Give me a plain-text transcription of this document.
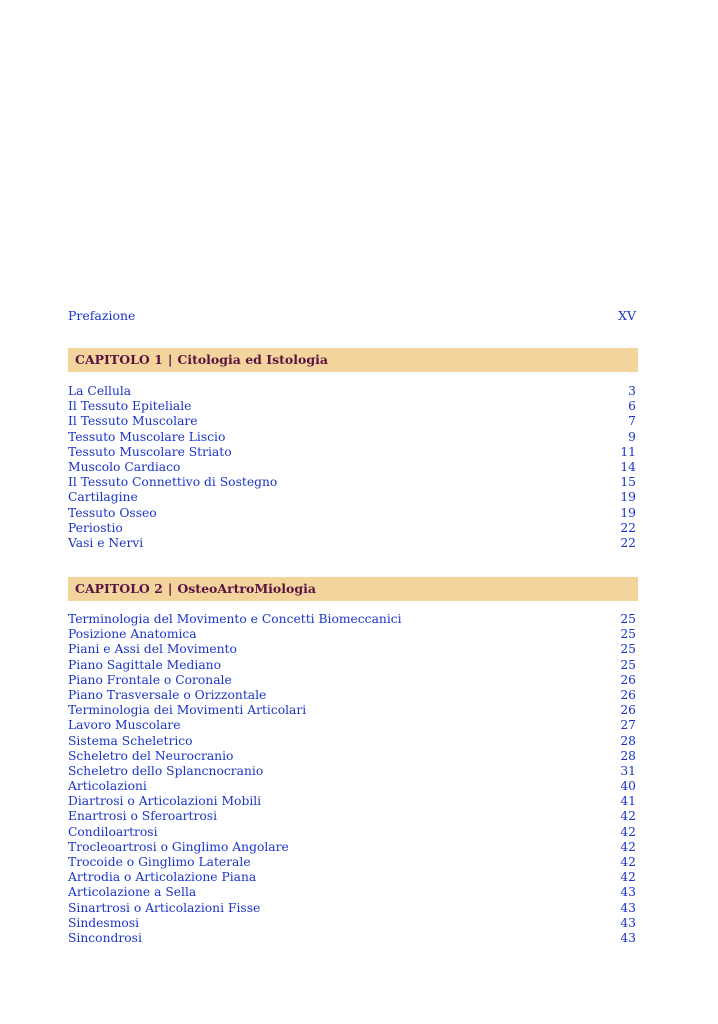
Prefazione	XV
CAPITOLO 1 | Citologia ed Istologia
La Cellula	3
Il Tessuto Epiteliale	6
Il Tessuto Muscolare	7
Tessuto Muscolare Liscio	9
Tessuto Muscolare Striato	11
Muscolo Cardiaco	14
Il Tessuto Connettivo di Sostegno	15
Cartilagine	19
Tessuto Osseo	19
Periostio	22
Vasi e Nervi	22
CAPITOLO 2 | OsteoArtroMiologia
Terminologia del Movimento e Concetti Biomeccanici	25
Posizione Anatomica	25
Piani e Assi del Movimento	25
Piano Sagittale Mediano	25
Piano Frontale o Coronale	26
Piano Trasversale o Orizzontale	26
Terminologia dei Movimenti Articolari	26
Lavoro Muscolare	27
Sistema Scheletrico	28
Scheletro del Neurocranio	28
Scheletro dello Splancnocranio	31
Articolazioni	40
Diartrosi o Articolazioni Mobili	41
Enartrosi o Sferoartrosi	42
Condiloartrosi	42
Trocleoartrosi o Ginglimo Angolare	42
Trocoide o Ginglimo Laterale	42
Artrodia o Articolazione Piana	42
Articolazione a Sella	43
Sinartrosi o Articolazioni Fisse	43
Sindesmosi	43
Sincondrosi	43
